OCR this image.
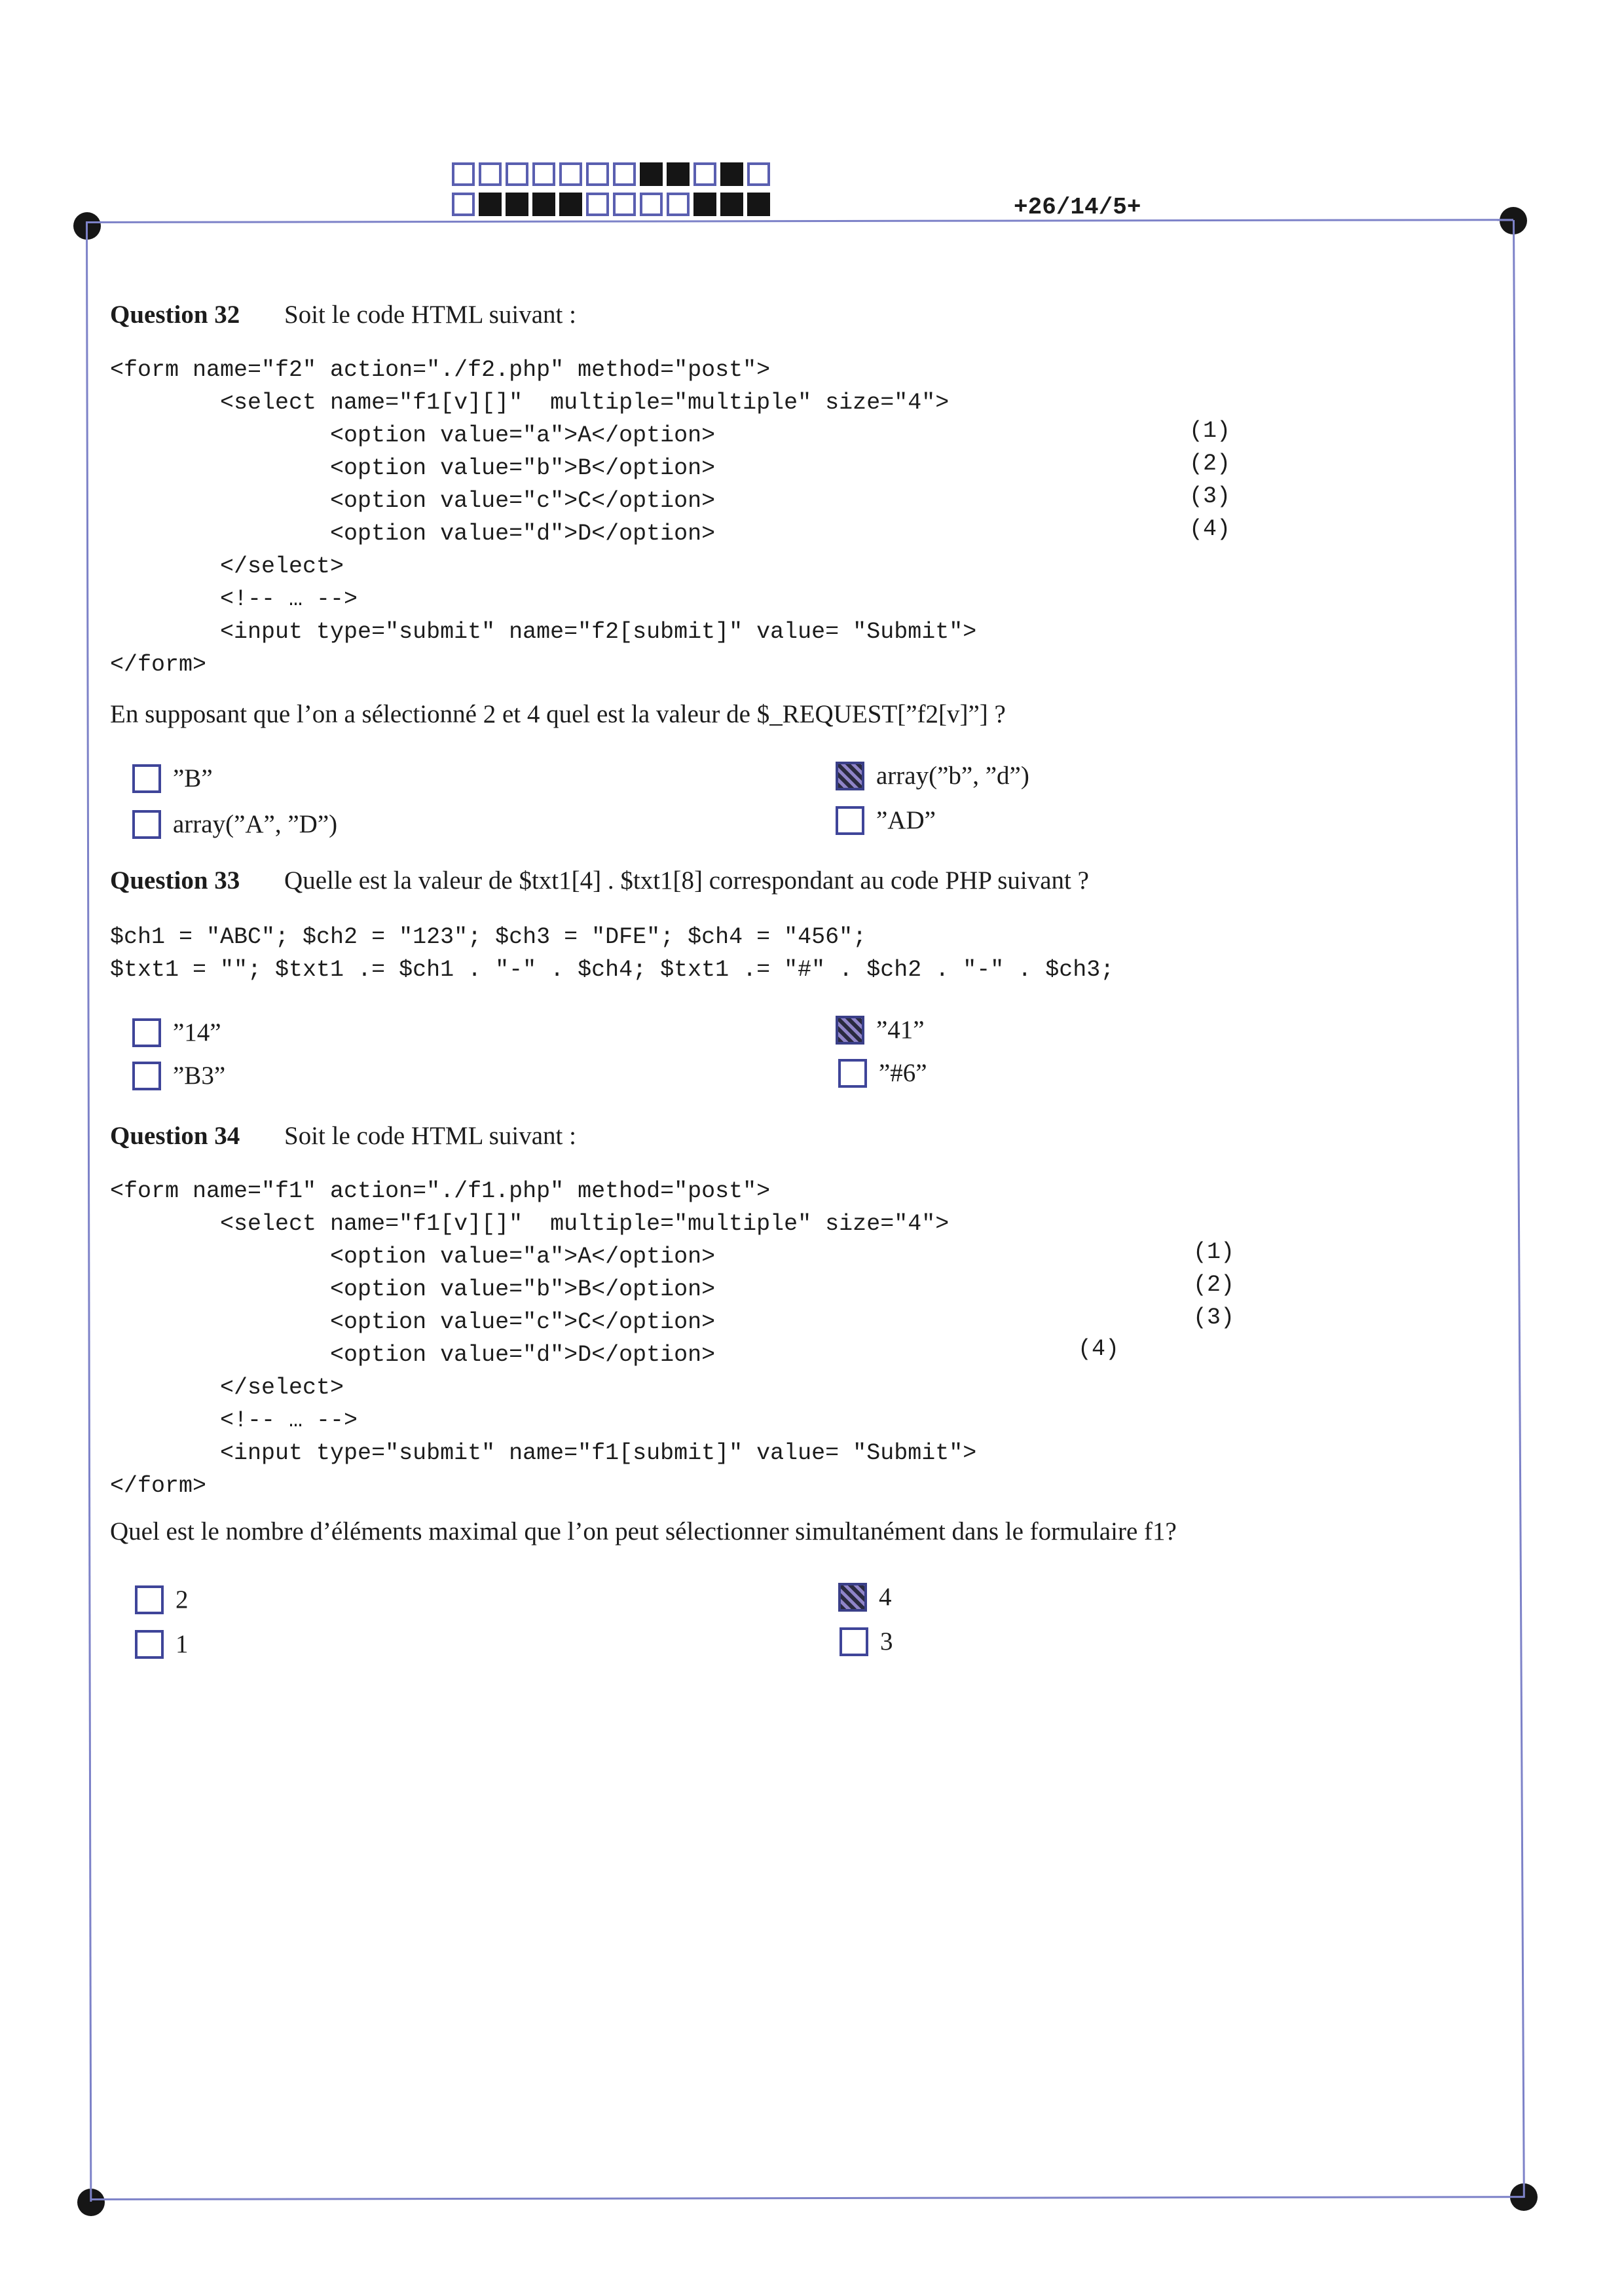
+26/14/5+
Question 32 Soit le code HTML suivant :
<form name="f2" action="./f2.php" method="post">
<select name="f1[v][]"  multiple="multiple" size="4">
<option value="a">A</option>
<option value="b">B</option>
<option value="c">C</option>
<option value="d">D</option>
</select>
<!-- … -->
<input type="submit" name="f2[submit]" value= "Submit">
</form>
(1)
(2)
(3)
(4)
En supposant que l’on a sélectionné 2 et 4 quel est la valeur de $_REQUEST[”f2[v]”] ?
”B”
array(”A”, ”D”)
array(”b”, ”d”)
”AD”
Question 33 Quelle est la valeur de $txt1[4] . $txt1[8] correspondant au code PHP suivant ?
$ch1 = "ABC"; $ch2 = "123"; $ch3 = "DFE"; $ch4 = "456";
$txt1 = ""; $txt1 .= $ch1 . "-" . $ch4; $txt1 .= "#" . $ch2 . "-" . $ch3;
”14”
”B3”
”41”
”#6”
Question 34 Soit le code HTML suivant :
<form name="f1" action="./f1.php" method="post">
<select name="f1[v][]"  multiple="multiple" size="4">
<option value="a">A</option>
<option value="b">B</option>
<option value="c">C</option>
<option value="d">D</option>
</select>
<!-- … -->
<input type="submit" name="f1[submit]" value= "Submit">
</form>
(1)
(2)
(3)
(4)
Quel est le nombre d’éléments maximal que l’on peut sélectionner simultanément dans le formulaire f1?
2
1
4
3
